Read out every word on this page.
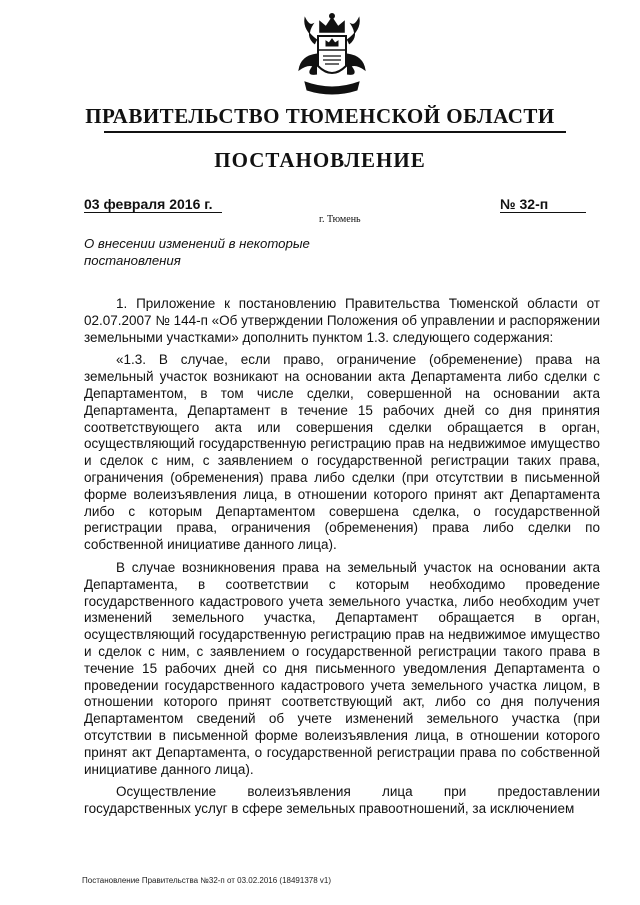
ПРАВИТЕЛЬСТВО ТЮМЕНСКОЙ ОБЛАСТИ
ПОСТАНОВЛЕНИЕ
03 февраля 2016 г.	№ 32-п
г. Тюмень
О внесении изменений в некоторые постановления

1. Приложение к постановлению Правительства Тюменской области от 02.07.2007 № 144-п «Об утверждении Положения об управлении и распоряжении земельными участками» дополнить пунктом 1.3. следующего содержания:

«1.3. В случае, если право, ограничение (обременение) права на земельный участок возникают на основании акта Департамента либо сделки с Департаментом, в том числе сделки, совершенной на основании акта Департамента, Департамент в течение 15 рабочих дней со дня принятия соответствующего акта или совершения сделки обращается в орган, осуществляющий государственную регистрацию прав на недвижимое имущество и сделок с ним, с заявлением о государственной регистрации таких права, ограничения (обременения) права либо сделки (при отсутствии в письменной форме волеизъявления лица, в отношении которого принят акт Департамента либо с которым Департаментом совершена сделка, о государственной регистрации права, ограничения (обременения) права либо сделки по собственной инициативе данного лица).

В случае возникновения права на земельный участок на основании акта Департамента, в соответствии с которым необходимо проведение государственного кадастрового учета земельного участка, либо необходим учет изменений земельного участка, Департамент обращается в орган, осуществляющий государственную регистрацию прав на недвижимое имущество и сделок с ним, с заявлением о государственной регистрации такого права в течение 15 рабочих дней со дня письменного уведомления Департамента о проведении государственного кадастрового учета земельного участка лицом, в отношении которого принят соответствующий акт, либо со дня получения Департаментом сведений об учете изменений земельного участка (при отсутствии в письменной форме волеизъявления лица, в отношении которого принят акт Департамента, о государственной регистрации права по собственной инициативе данного лица).

Осуществление волеизъявления лица при предоставлении государственных услуг в сфере земельных правоотношений, за исключением

Постановление Правительства №32-п от 03.02.2016 (18491378 v1)
